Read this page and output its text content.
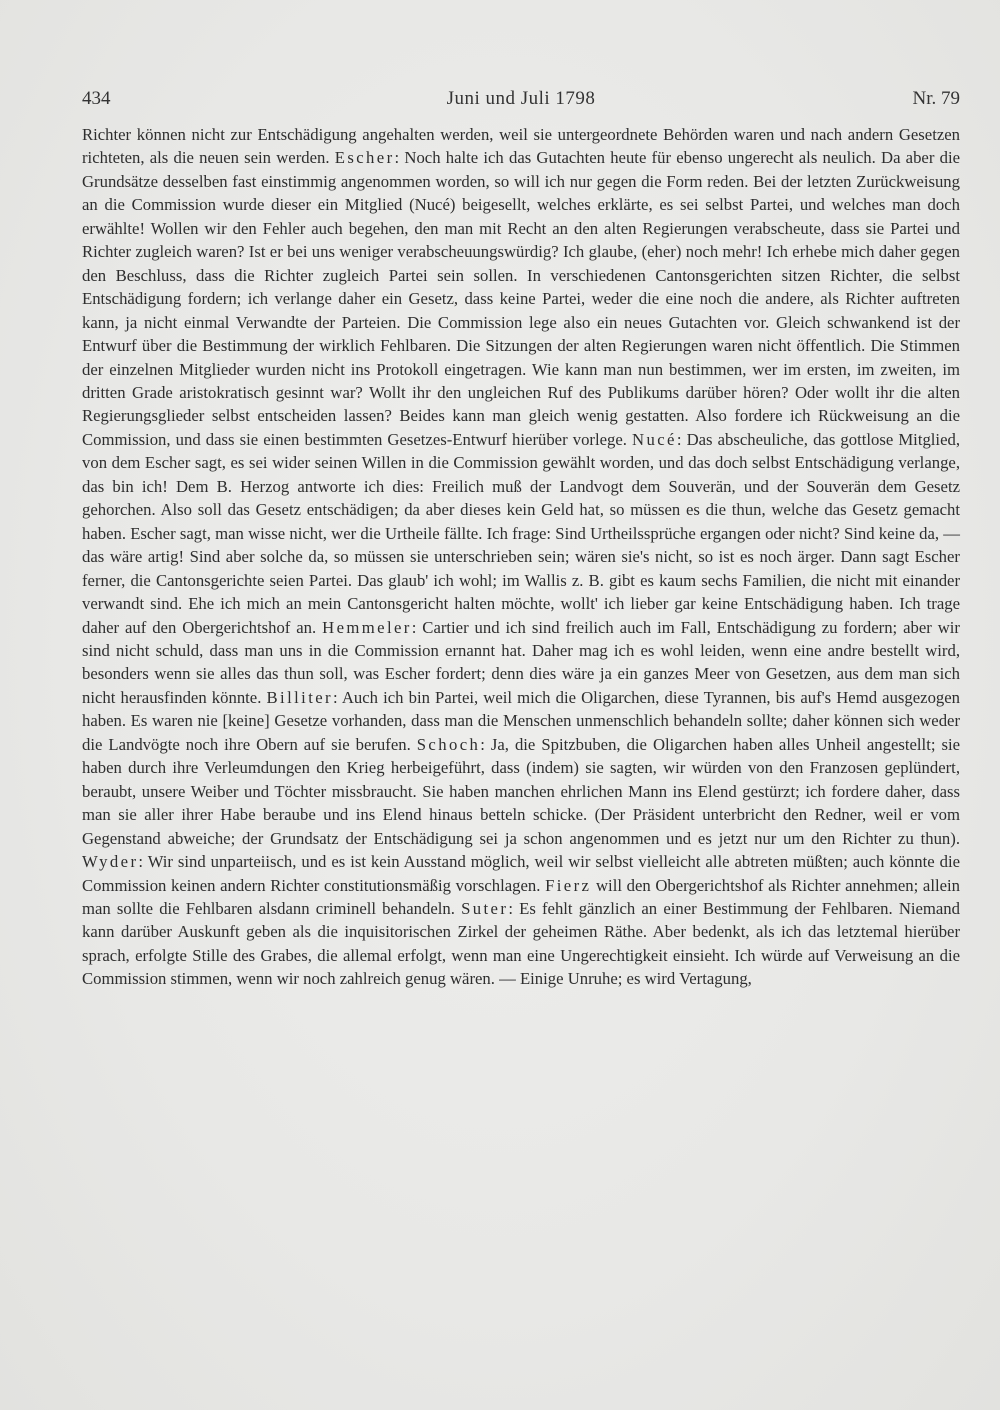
434	Juni und Juli 1798	Nr. 79

Richter können nicht zur Entschädigung angehalten werden, weil sie untergeordnete Behörden waren und nach andern Gesetzen richteten, als die neuen sein werden. Escher: Noch halte ich das Gutachten heute für ebenso ungerecht als neulich. Da aber die Grundsätze desselben fast einstimmig angenommen worden, so will ich nur gegen die Form reden. Bei der letzten Zurückweisung an die Commission wurde dieser ein Mitglied (Nucé) beigesellt, welches erklärte, es sei selbst Partei, und welches man doch erwählte! Wollen wir den Fehler auch begehen, den man mit Recht an den alten Regierungen verabscheute, dass sie Partei und Richter zugleich waren? Ist er bei uns weniger verabscheuungswürdig? Ich glaube, (eher) noch mehr! Ich erhebe mich daher gegen den Beschluss, dass die Richter zugleich Partei sein sollen. In verschiedenen Cantonsgerichten sitzen Richter, die selbst Entschädigung fordern; ich verlange daher ein Gesetz, dass keine Partei, weder die eine noch die andere, als Richter auftreten kann, ja nicht einmal Verwandte der Parteien. Die Commission lege also ein neues Gutachten vor. Gleich schwankend ist der Entwurf über die Bestimmung der wirklich Fehlbaren. Die Sitzungen der alten Regierungen waren nicht öffentlich. Die Stimmen der einzelnen Mitglieder wurden nicht ins Protokoll eingetragen. Wie kann man nun bestimmen, wer im ersten, im zweiten, im dritten Grade aristokratisch gesinnt war? Wollt ihr den ungleichen Ruf des Publikums darüber hören? Oder wollt ihr die alten Regierungsglieder selbst entscheiden lassen? Beides kann man gleich wenig gestatten. Also fordere ich Rückweisung an die Commission, und dass sie einen bestimmten Gesetzes-Entwurf hierüber vorlege. Nucé: Das abscheuliche, das gottlose Mitglied, von dem Escher sagt, es sei wider seinen Willen in die Commission gewählt worden, und das doch selbst Entschädigung verlange, das bin ich! Dem B. Herzog antworte ich dies: Freilich muß der Landvogt dem Souverän, und der Souverän dem Gesetz gehorchen. Also soll das Gesetz entschädigen; da aber dieses kein Geld hat, so müssen es die thun, welche das Gesetz gemacht haben. Escher sagt, man wisse nicht, wer die Urtheile fällte. Ich frage: Sind Urtheilssprüche ergangen oder nicht? Sind keine da, — das wäre artig! Sind aber solche da, so müssen sie unterschrieben sein; wären sie's nicht, so ist es noch ärger. Dann sagt Escher ferner, die Cantonsgerichte seien Partei. Das glaub' ich wohl; im Wallis z. B. gibt es kaum sechs Familien, die nicht mit einander verwandt sind. Ehe ich mich an mein Cantonsgericht halten möchte, wollt' ich lieber gar keine Entschädigung haben. Ich trage daher auf den Obergerichtshof an. Hemmeler: Cartier und ich sind freilich auch im Fall, Entschädigung zu fordern; aber wir sind nicht schuld, dass man uns in die Commission ernannt hat. Daher mag ich es wohl leiden, wenn eine andre bestellt wird, besonders wenn sie alles das thun soll, was Escher fordert; denn dies wäre ja ein ganzes Meer von Gesetzen, aus dem man sich nicht herausfinden könnte. Billiter: Auch ich bin Partei, weil mich die Oligarchen, diese Tyrannen, bis auf's Hemd ausgezogen haben. Es waren nie [keine] Gesetze vorhanden, dass man die Menschen unmenschlich behandeln sollte; daher können sich weder die Landvögte noch ihre Obern auf sie berufen. Schoch: Ja, die Spitzbuben, die Oligarchen haben alles Unheil angestellt; sie haben durch ihre Verleumdungen den Krieg herbeigeführt, dass (indem) sie sagten, wir würden von den Franzosen geplündert, beraubt, unsere Weiber und Töchter missbraucht. Sie haben manchen ehrlichen Mann ins Elend gestürzt; ich fordere daher, dass man sie aller ihrer Habe beraube und ins Elend hinaus betteln schicke. (Der Präsident unterbricht den Redner, weil er vom Gegenstand abweiche; der Grundsatz der Entschädigung sei ja schon angenommen und es jetzt nur um den Richter zu thun). Wyder: Wir sind unparteiisch, und es ist kein Ausstand möglich, weil wir selbst vielleicht alle abtreten müßten; auch könnte die Commission keinen andern Richter constitutionsmäßig vorschlagen. Fierz will den Obergerichtshof als Richter annehmen; allein man sollte die Fehlbaren alsdann criminell behandeln. Suter: Es fehlt gänzlich an einer Bestimmung der Fehlbaren. Niemand kann darüber Auskunft geben als die inquisitorischen Zirkel der geheimen Räthe. Aber bedenkt, als ich das letztemal hierüber sprach, erfolgte Stille des Grabes, die allemal erfolgt, wenn man eine Ungerechtigkeit einsieht. Ich würde auf Verweisung an die Commission stimmen, wenn wir noch zahlreich genug wären. — Einige Unruhe; es wird Vertagung,
